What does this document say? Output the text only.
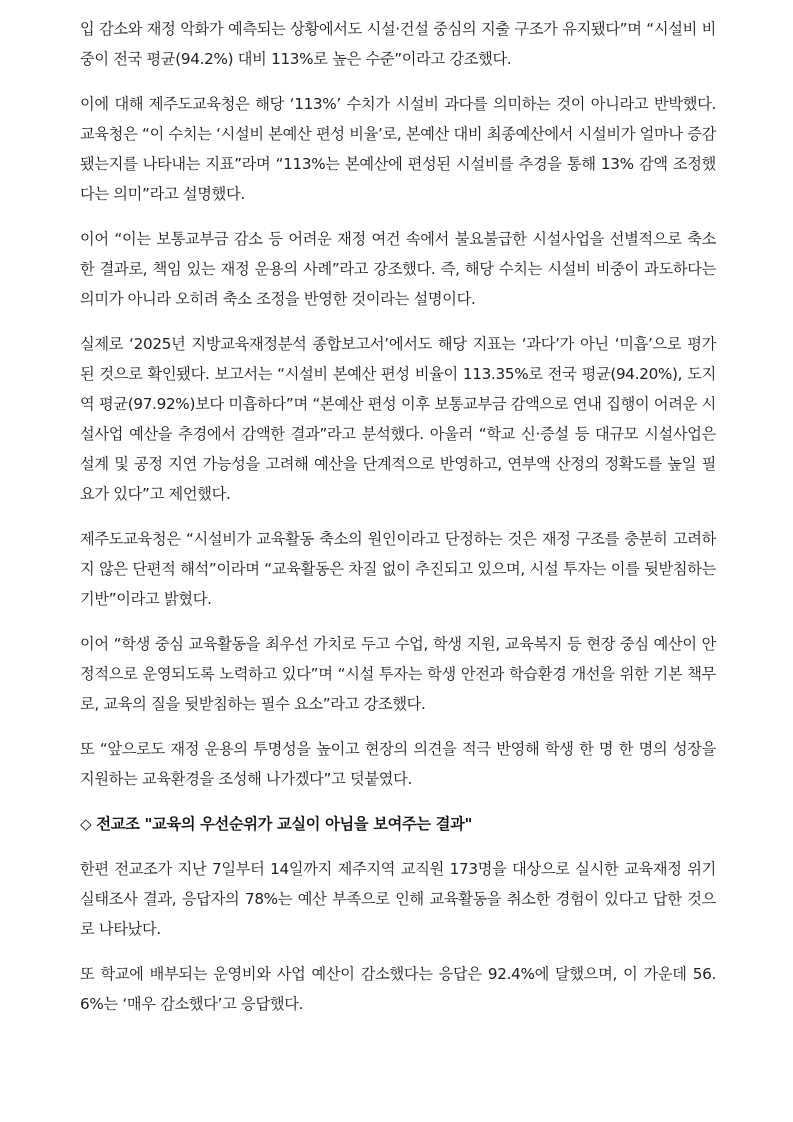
입 감소와 재정 악화가 예측되는 상황에서도 시설·건설 중심의 지출 구조가 유지됐다”며 “시설비 비중이 전국 평균(94.2%) 대비 113%로 높은 수준”이라고 강조했다.

이에 대해 제주도교육청은 해당 ‘113%’ 수치가 시설비 과다를 의미하는 것이 아니라고 반박했다. 교육청은 “이 수치는 ‘시설비 본예산 편성 비율’로, 본예산 대비 최종예산에서 시설비가 얼마나 증감됐는지를 나타내는 지표”라며 “113%는 본예산에 편성된 시설비를 추경을 통해 13% 감액 조정했다는 의미”라고 설명했다.

이어 “이는 보통교부금 감소 등 어려운 재정 여건 속에서 불요불급한 시설사업을 선별적으로 축소한 결과로, 책임 있는 재정 운용의 사례”라고 강조했다. 즉, 해당 수치는 시설비 비중이 과도하다는 의미가 아니라 오히려 축소 조정을 반영한 것이라는 설명이다.

실제로 ‘2025년 지방교육재정분석 종합보고서’에서도 해당 지표는 ‘과다’가 아닌 ‘미흡’으로 평가된 것으로 확인됐다. 보고서는 “시설비 본예산 편성 비율이 113.35%로 전국 평균(94.20%), 도지역 평균(97.92%)보다 미흡하다”며 “본예산 편성 이후 보통교부금 감액으로 연내 집행이 어려운 시설사업 예산을 추경에서 감액한 결과”라고 분석했다. 아울러 “학교 신·증설 등 대규모 시설사업은 설계 및 공정 지연 가능성을 고려해 예산을 단계적으로 반영하고, 연부액 산정의 정확도를 높일 필요가 있다”고 제언했다.

제주도교육청은 “시설비가 교육활동 축소의 원인이라고 단정하는 것은 재정 구조를 충분히 고려하지 않은 단편적 해석”이라며 “교육활동은 차질 없이 추진되고 있으며, 시설 투자는 이를 뒷받침하는 기반”이라고 밝혔다.

이어 “학생 중심 교육활동을 최우선 가치로 두고 수업, 학생 지원, 교육복지 등 현장 중심 예산이 안정적으로 운영되도록 노력하고 있다”며 “시설 투자는 학생 안전과 학습환경 개선을 위한 기본 책무로, 교육의 질을 뒷받침하는 필수 요소”라고 강조했다.

또 “앞으로도 재정 운용의 투명성을 높이고 현장의 의견을 적극 반영해 학생 한 명 한 명의 성장을 지원하는 교육환경을 조성해 나가겠다”고 덧붙였다.

◇ 전교조 "교육의 우선순위가 교실이 아님을 보여주는 결과"

한편 전교조가 지난 7일부터 14일까지 제주지역 교직원 173명을 대상으로 실시한 교육재정 위기 실태조사 결과, 응답자의 78%는 예산 부족으로 인해 교육활동을 취소한 경험이 있다고 답한 것으로 나타났다.

또 학교에 배부되는 운영비와 사업 예산이 감소했다는 응답은 92.4%에 달했으며, 이 가운데 56.6%는 ‘매우 감소했다’고 응답했다.
